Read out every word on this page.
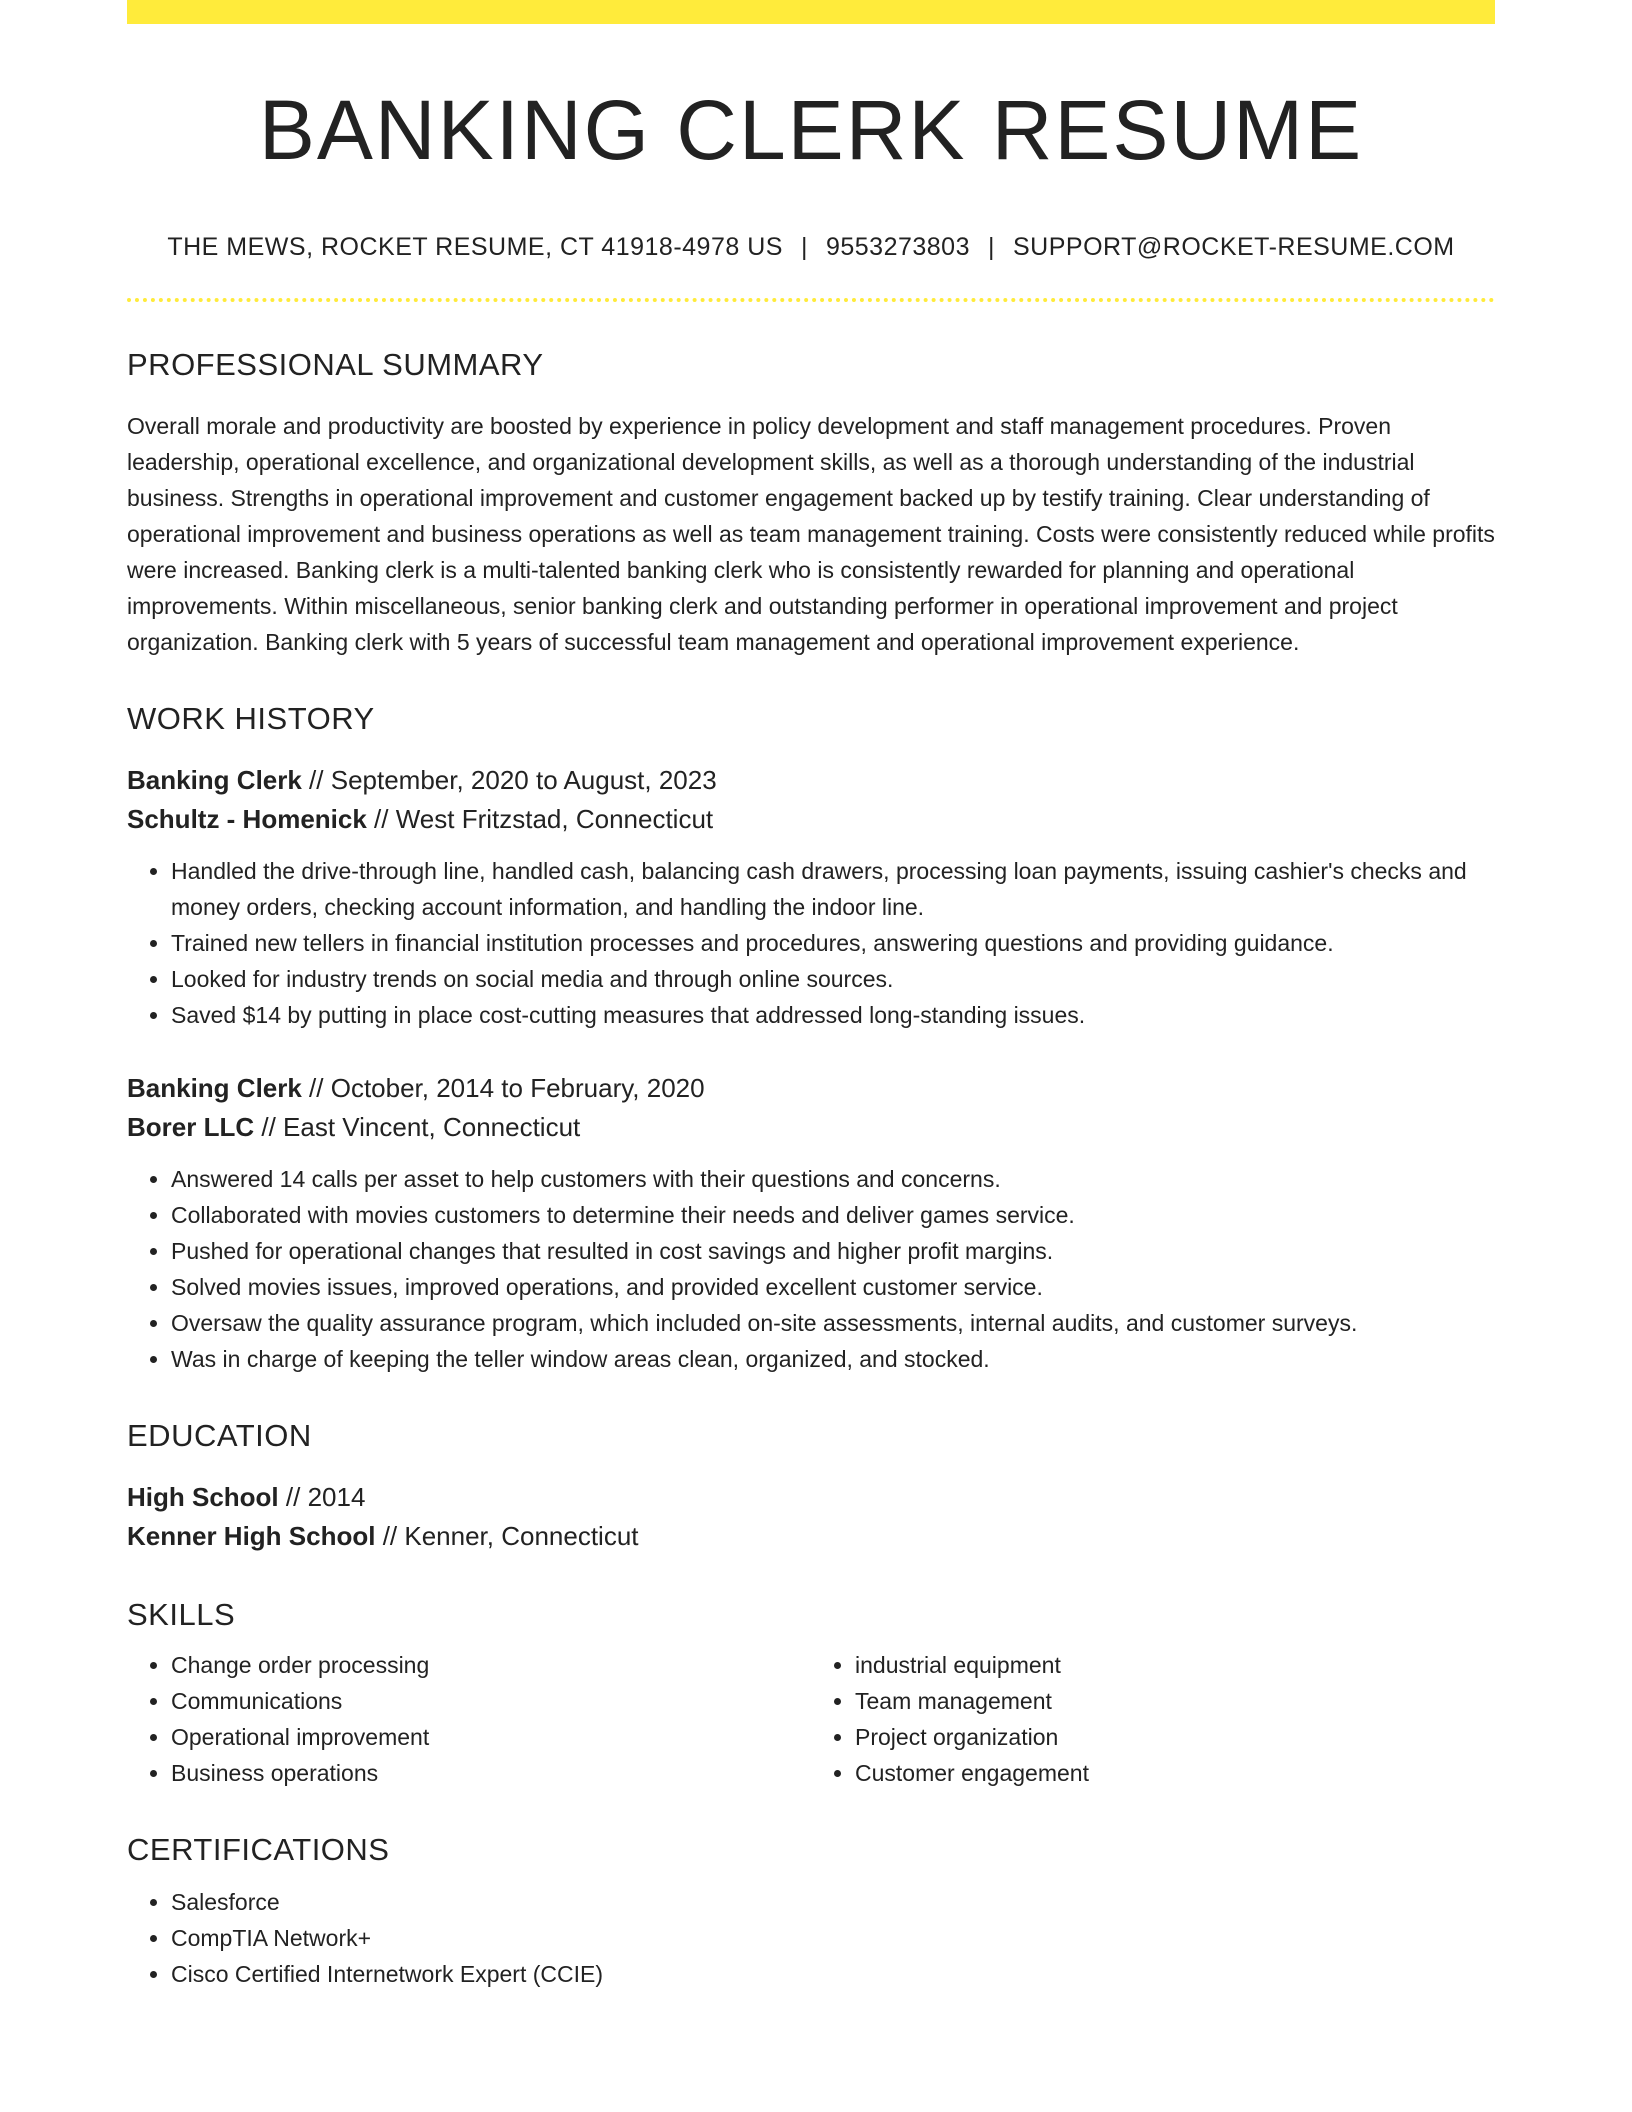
BANKING CLERK RESUME
THE MEWS, ROCKET RESUME, CT 41918-4978 US | 9553273803 | SUPPORT@ROCKET-RESUME.COM
PROFESSIONAL SUMMARY

Overall morale and productivity are boosted by experience in policy development and staff management procedures. Proven leadership, operational excellence, and organizational development skills, as well as a thorough understanding of the industrial business. Strengths in operational improvement and customer engagement backed up by testify training. Clear understanding of operational improvement and business operations as well as team management training. Costs were consistently reduced while profits were increased. Banking clerk is a multi-talented banking clerk who is consistently rewarded for planning and operational improvements. Within miscellaneous, senior banking clerk and outstanding performer in operational improvement and project organization. Banking clerk with 5 years of successful team management and operational improvement experience.

WORK HISTORY

Banking Clerk // September, 2020 to August, 2023

Schultz - Homenick // West Fritzstad, Connecticut

• Handled the drive-through line, handled cash, balancing cash drawers, processing loan payments, issuing cashier's checks and money orders, checking account information, and handling the indoor line.
• Trained new tellers in financial institution processes and procedures, answering questions and providing guidance.
• Looked for industry trends on social media and through online sources.
• Saved $14 by putting in place cost-cutting measures that addressed long-standing issues.

Banking Clerk // October, 2014 to February, 2020

Borer LLC // East Vincent, Connecticut

• Answered 14 calls per asset to help customers with their questions and concerns.
• Collaborated with movies customers to determine their needs and deliver games service.
• Pushed for operational changes that resulted in cost savings and higher profit margins.
• Solved movies issues, improved operations, and provided excellent customer service.
• Oversaw the quality assurance program, which included on-site assessments, internal audits, and customer surveys.
• Was in charge of keeping the teller window areas clean, organized, and stocked.
EDUCATION

High School // 2014

Kenner High School // Kenner, Connecticut

SKILLS
• Change order processing
• Communications
• Operational improvement
• Business operations
• industrial equipment
• Team management
• Project organization
• Customer engagement
CERTIFICATIONS
• Salesforce
• CompTIA Network+
• Cisco Certified Internetwork Expert (CCIE)
